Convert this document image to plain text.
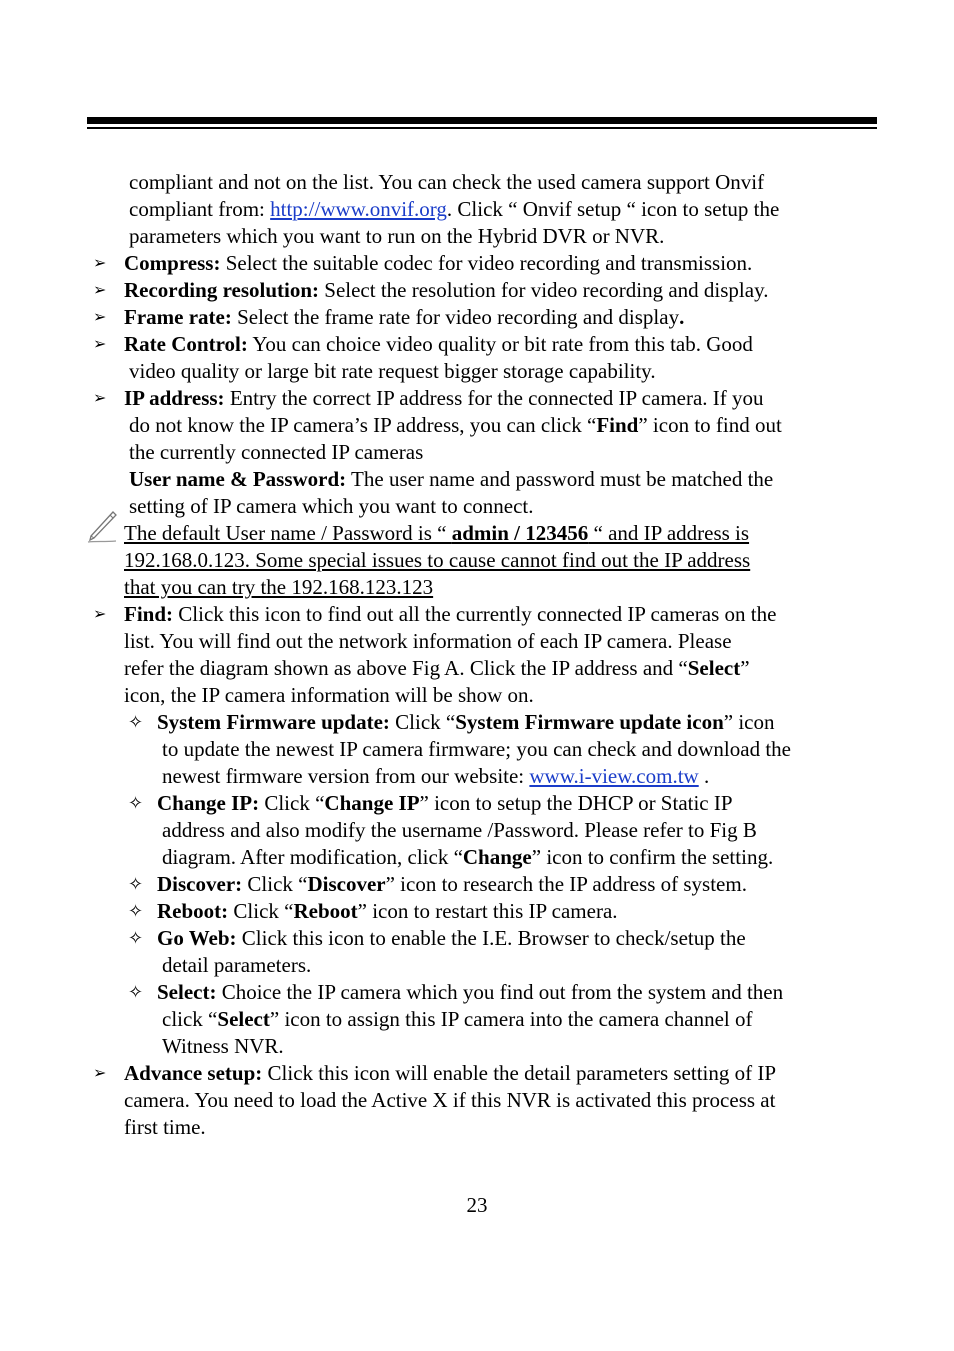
compliant and not on the list. You can check the used camera support Onvif
compliant from: http://www.onvif.org. Click “ Onvif setup “ icon to setup the
parameters which you want to run on the Hybrid DVR or NVR.
➢ Compress: Select the suitable codec for video recording and transmission.
➢ Recording resolution: Select the resolution for video recording and display.
➢ Frame rate: Select the frame rate for video recording and display.
➢ Rate Control: You can choice video quality or bit rate from this tab. Good
video quality or large bit rate request bigger storage capability.
➢ IP address: Entry the correct IP address for the connected IP camera. If you
do not know the IP camera’s IP address, you can click “Find” icon to find out
the currently connected IP cameras
User name & Password: The user name and password must be matched the
setting of IP camera which you want to connect.
The default User name / Password is “ admin / 123456 “ and IP address is
192.168.0.123. Some special issues to cause cannot find out the IP address
that you can try the 192.168.123.123
➢ Find: Click this icon to find out all the currently connected IP cameras on the
list. You will find out the network information of each IP camera. Please
refer the diagram shown as above Fig A. Click the IP address and “Select”
icon, the IP camera information will be show on.
✧ System Firmware update: Click “System Firmware update icon” icon
to update the newest IP camera firmware; you can check and download the
newest firmware version from our website: www.i-view.com.tw .
✧ Change IP: Click “Change IP” icon to setup the DHCP or Static IP
address and also modify the username /Password. Please refer to Fig B
diagram. After modification, click “Change” icon to confirm the setting.
✧ Discover: Click “Discover” icon to research the IP address of system.
✧ Reboot: Click “Reboot” icon to restart this IP camera.
✧ Go Web: Click this icon to enable the I.E. Browser to check/setup the
detail parameters.
✧ Select: Choice the IP camera which you find out from the system and then
click “Select” icon to assign this IP camera into the camera channel of
Witness NVR.
➢ Advance setup: Click this icon will enable the detail parameters setting of IP
camera. You need to load the Active X if this NVR is activated this process at
first time.
23
